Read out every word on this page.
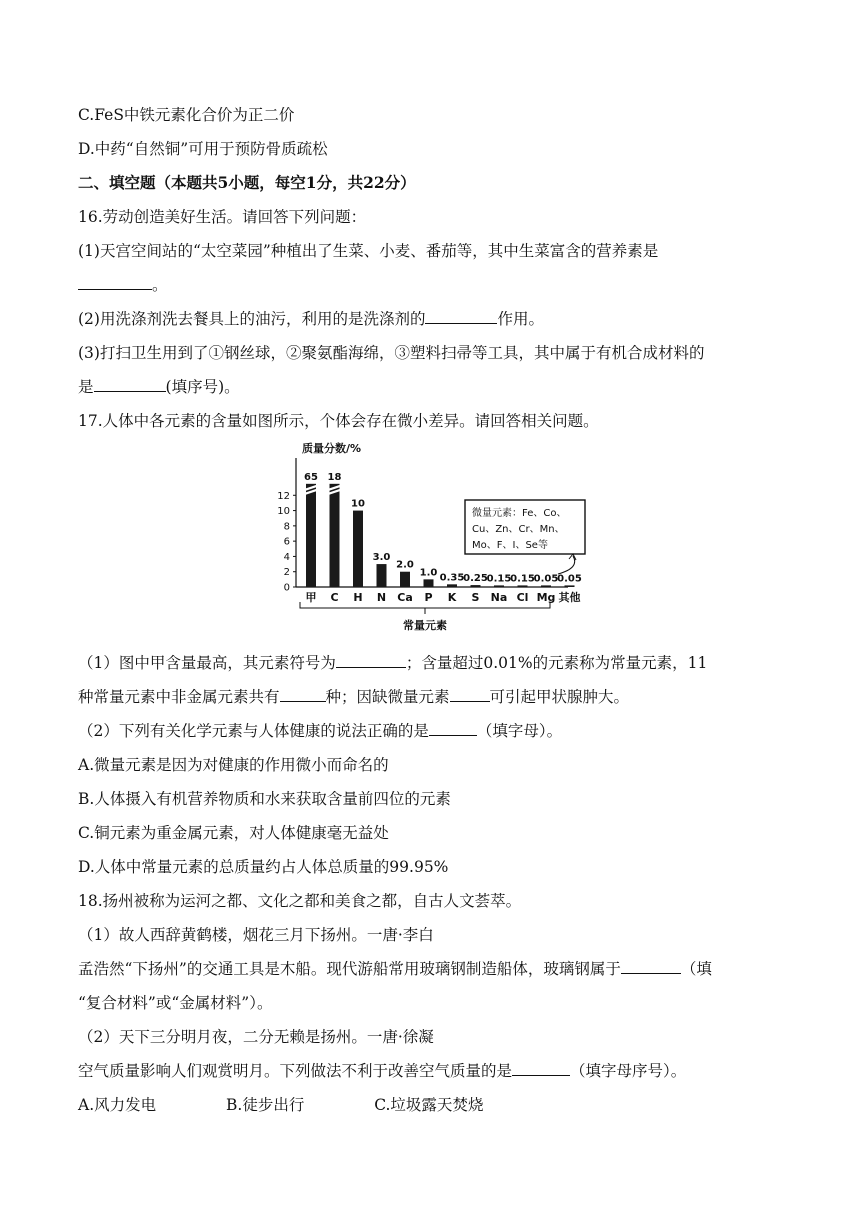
C.FeS中铁元素化合价为正二价
D.中药“自然铜”可用于预防骨质疏松
二、填空题（本题共5小题，每空1分，共22分）
16.劳动创造美好生活。请回答下列问题：
(1)天宫空间站的“太空菜园”种植出了生菜、小麦、番茄等，其中生菜富含的营养素是
。
(2)用洗涤剂洗去餐具上的油污，利用的是洗涤剂的	作用。
(3)打扫卫生用到了①钢丝球，②聚氨酯海绵，③塑料扫帚等工具，其中属于有机合成材料的
是	(填序号)。
17.人体中各元素的含量如图所示，个体会存在微小差异。请回答相关问题。
质量分数/%
0
2
4
6
8
10
12
65 18
10
3.0
2.0
1.0 0.35
0.25
0.15
0.15
0.05
0.05
甲 C H N Ca P K S Na Cl Mg 其他
常量元素
微量元素：Fe、Co、
Cu、Zn、Cr、Mn、
Mo、F、I、Se等
（1）图中甲含量最高，其元素符号为	；含量超过0.01%的元素称为常量元素，11
种常量元素中非金属元素共有	种；因缺微量元素	可引起甲状腺肿大。
（2）下列有关化学元素与人体健康的说法正确的是	（填字母）。
A.微量元素是因为对健康的作用微小而命名的
B.人体摄入有机营养物质和水来获取含量前四位的元素
C.铜元素为重金属元素，对人体健康毫无益处
D.人体中常量元素的总质量约占人体总质量的99.95%
18.扬州被称为运河之都、文化之都和美食之都，自古人文荟萃。
（1）故人西辞黄鹤楼，烟花三月下扬州。一唐·李白
孟浩然“下扬州”的交通工具是木船。现代游船常用玻璃钢制造船体，玻璃钢属于	（填
“复合材料”或“金属材料”）。
（2）天下三分明月夜，二分无赖是扬州。一唐·徐凝
空气质量影响人们观赏明月。下列做法不利于改善空气质量的是	（填字母序号）。
A.风力发电	B.徒步出行	C.垃圾露天焚烧
